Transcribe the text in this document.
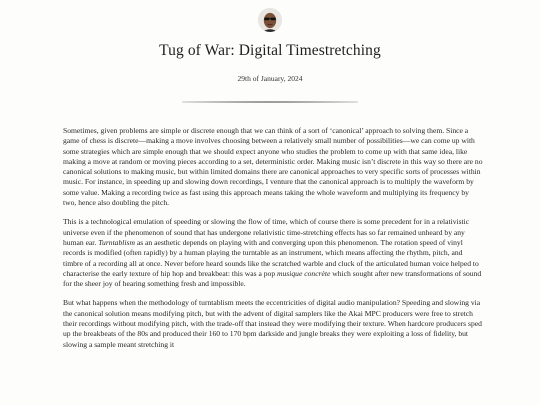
Tug of War: Digital Timestretching
29th of January, 2024

Sometimes, given problems are simple or discrete enough that we can think of a sort of ‘canonical’ approach to solving them. Since a game of chess is discrete—making a move involves choosing between a relatively small number of possibilities—we can come up with some strategies which are simple enough that we should expect anyone who studies the problem to come up with that same idea, like making a move at random or moving pieces according to a set, deterministic order. Making music isn’t discrete in this way so there are no canonical solutions to making music, but within limited domains there are canonical approaches to very specific sorts of processes within music. For instance, in speeding up and slowing down recordings, I venture that the canonical approach is to multiply the waveform by some value. Making a recording twice as fast using this approach means taking the whole waveform and multiplying its frequency by two, hence also doubling the pitch.

This is a technological emulation of speeding or slowing the flow of time, which of course there is some precedent for in a relativistic universe even if the phenomenon of sound that has undergone relativistic time-stretching effects has so far remained unheard by any human ear. Turntablism as an aesthetic depends on playing with and converging upon this phenomenon. The rotation speed of vinyl records is modified (often rapidly) by a human playing the turntable as an instrument, which means affecting the rhythm, pitch, and timbre of a recording all at once. Never before heard sounds like the scratched warble and cluck of the articulated human voice helped to characterise the early texture of hip hop and breakbeat: this was a pop musique concrète which sought after new transformations of sound for the sheer joy of hearing something fresh and impossible.

But what happens when the methodology of turntablism meets the eccentricities of digital audio manipulation? Speeding and slowing via the canonical solution means modifying pitch, but with the advent of digital samplers like the Akai MPC producers were free to stretch their recordings without modifying pitch, with the trade-off that instead they were modifying their texture. When hardcore producers sped up the breakbeats of the 80s and produced their 160 to 170 bpm darkside and jungle breaks they were exploiting a loss of fidelity, but slowing a sample meant stretching it
